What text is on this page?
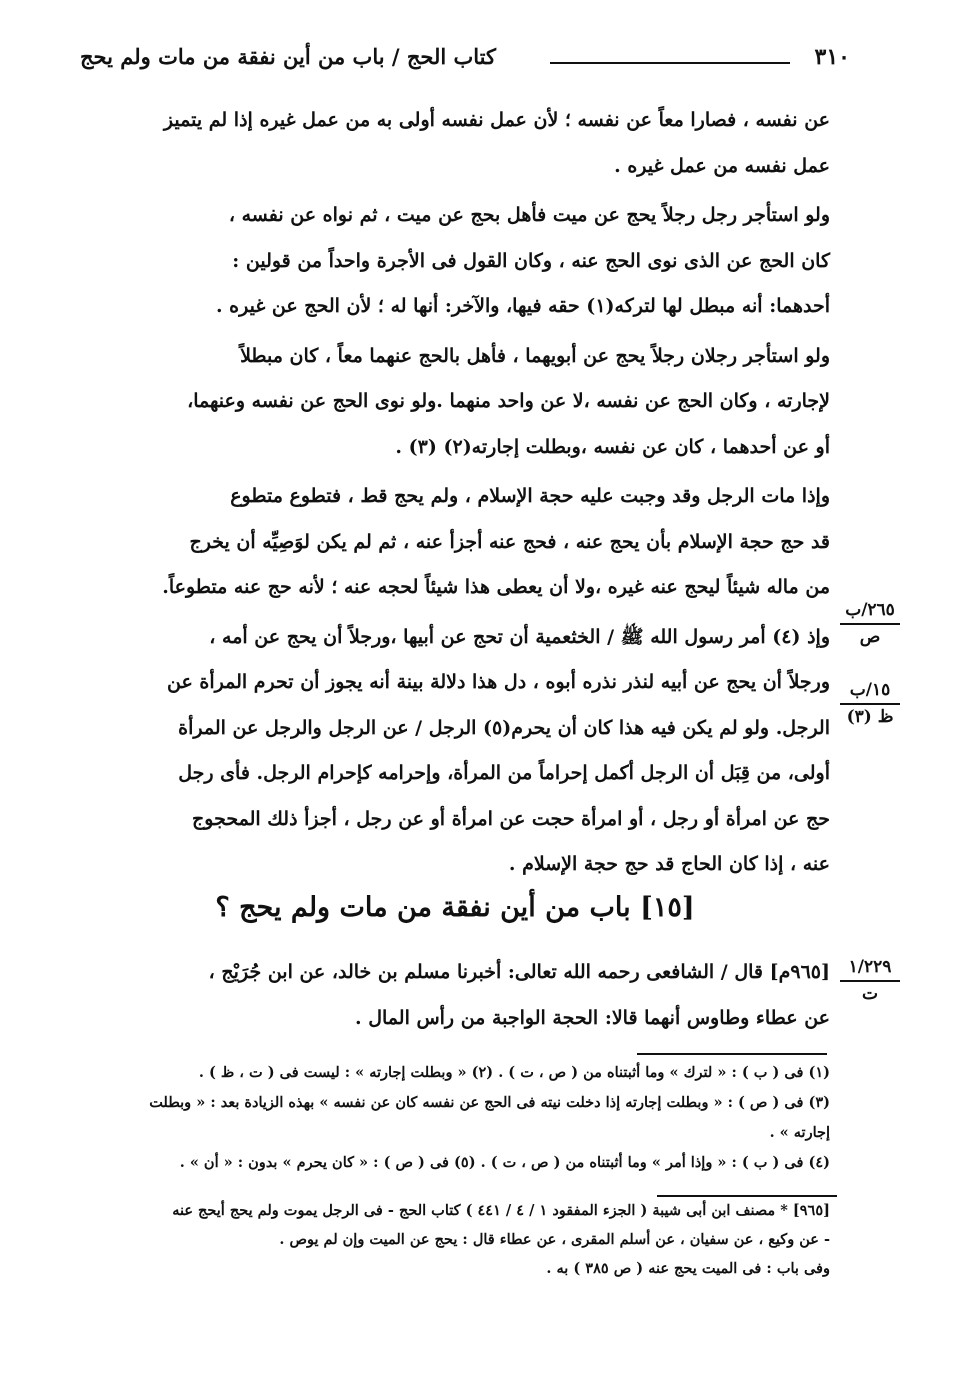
٣١٠
كتاب الحج / باب من أين نفقة من مات ولم يحج

عن نفسه ، فصارا معاً عن نفسه ؛ لأن عمل نفسه أولى به من عمل غيره إذا لم يتميز
عمل نفسه من عمل غيره .

ولو استأجر رجل رجلاً يحج عن ميت فأهل بحج عن ميت ، ثم نواه عن نفسه ،
كان الحج عن الذى نوى الحج عنه ، وكان القول فى الأجرة واحداً من قولين :
أحدهما: أنه مبطل لها لتركه(١) حقه فيها، والآخر: أنها له ؛ لأن الحج عن غيره .

ولو استأجر رجلان رجلاً يحج عن أبويهما ، فأهل بالحج عنهما معاً ، كان مبطلاً
لإجارته ، وكان الحج عن نفسه ،لا عن واحد منهما .ولو نوى الحج عن نفسه وعنهما،
أو عن أحدهما ، كان عن نفسه ،وبطلت إجارته(٢) (٣) .

وإذا مات الرجل وقد وجبت عليه حجة الإسلام ، ولم يحج قط ، فتطوع متطوع
قد حج حجة الإسلام بأن يحج عنه ، فحج عنه أجزأ عنه ، ثم لم يكن لوَصِيِّه أن يخرج
من ماله شيئاً ليحج عنه غيره ،ولا أن يعطى هذا شيئاً لحجه عنه ؛ لأنه حج عنه متطوعاً.

وإذ (٤) أمر رسول الله ﷺ / الخثعمية أن تحج عن أبيها ،ورجلاً أن يحج عن أمه ،
ورجلاً أن يحج عن أبيه لنذر نذره أبوه ، دل هذا دلالة بينة أنه يجوز أن تحرم المرأة عن
الرجل. ولو لم يكن فيه هذا كان أن يحرم(٥) الرجل / عن الرجل والرجل عن المرأة
أولى، من قِبَل أن الرجل أكمل إحراماً من المرأة، وإحرامه كإحرام الرجل. فأى رجل
حج عن امرأة أو رجل ، أو امرأة حجت عن امرأة أو عن رجل ، أجزأ ذلك المحجوج
عنه ، إذا كان الحاج قد حج حجة الإسلام .

٢٦٥/ب
ص
١٥/ب
ظ (٣)
[١٥] باب من أين نفقة من مات ولم يحج ؟
١/٢٢٩
ت

[٩٦٥م] قال / الشافعى رحمه الله تعالى: أخبرنا مسلم بن خالد، عن ابن جُرَيْج ،
عن عطاء وطاوس أنهما قالا: الحجة الواجبة من رأس المال .

(١) فى ( ب ) : « لترك » وما أثبتناه من ( ص ، ت ) . (٢) « وبطلت إجارته » : ليست فى ( ت ، ظ ) .
(٣) فى ( ص ) : « وبطلت إجارته إذا دخلت نيته فى الحج عن نفسه كان عن نفسه » بهذه الزيادة بعد : « وبطلت
إجارته » .
(٤) فى ( ب ) : « وإذا أمر » وما أثبتناه من ( ص ، ت ) . (٥) فى ( ص ) : « كان يحرم » بدون : « أن » .
[٩٦٥] * مصنف ابن أبى شيبة ( الجزء المفقود ١ / ٤ / ٤٤١ ) كتاب الحج - فى الرجل يموت ولم يحج أيحج عنه
- عن وكيع ، عن سفيان ، عن أسلم المقرى ، عن عطاء قال : يحج عن الميت وإن لم يوص .
وفى باب : فى الميت يحج عنه ( ص ٣٨٥ ) به .
